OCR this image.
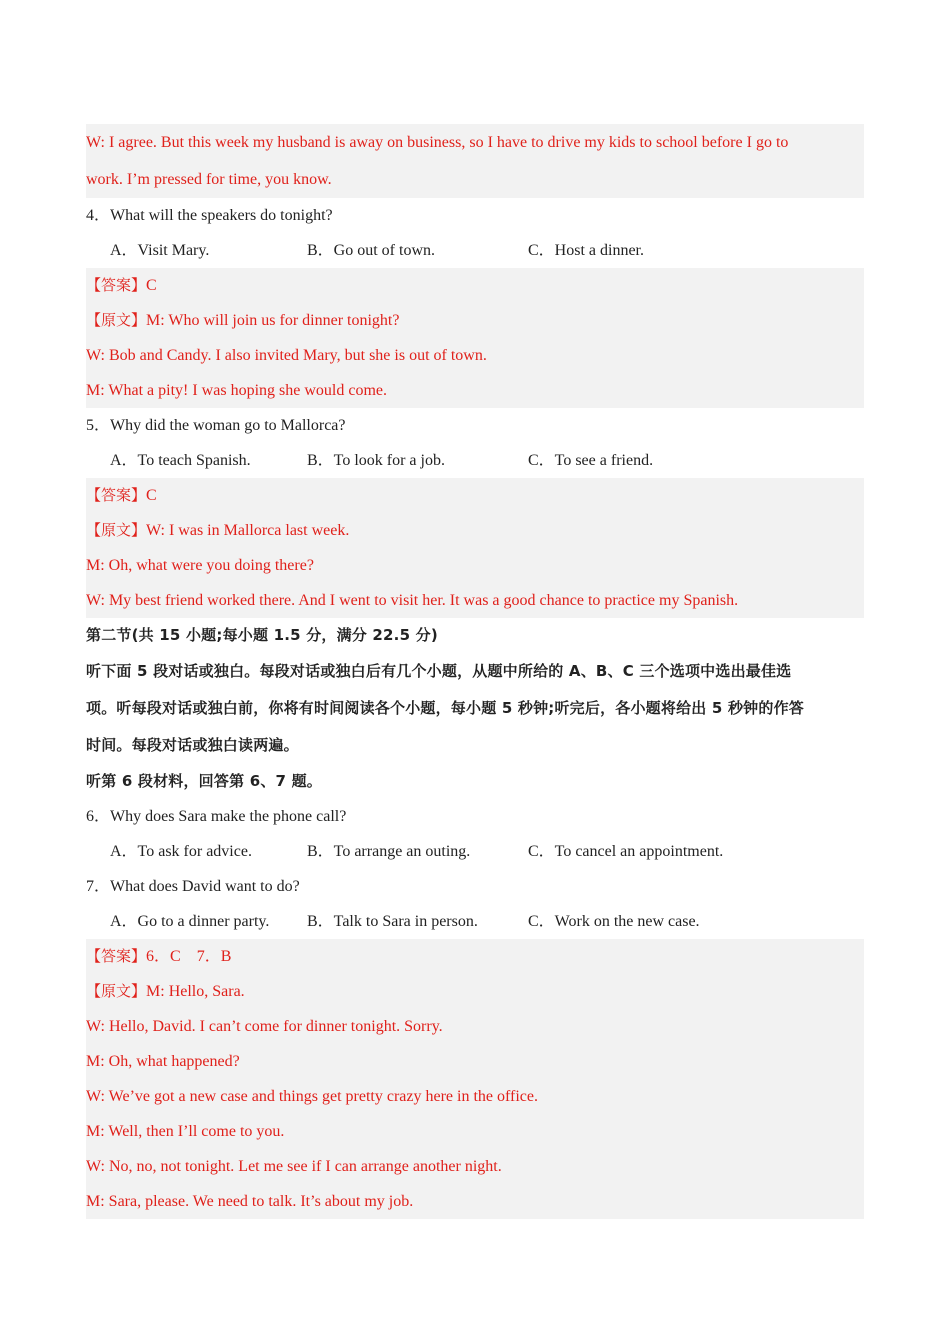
W: I agree. But this week my husband is away on business, so I have to drive my kids to school before I go to
work. I’m pressed for time, you know.
4．What will the speakers do tonight?
A．Visit Mary.	B．Go out of town.	C．Host a dinner.
【答案】C
【原文】M: Who will join us for dinner tonight?
W: Bob and Candy. I also invited Mary, but she is out of town.
M: What a pity! I was hoping she would come.
5．Why did the woman go to Mallorca?
A．To teach Spanish.	B．To look for a job.	C．To see a friend.
【答案】C
【原文】W: I was in Mallorca last week.
M: Oh, what were you doing there?
W: My best friend worked there. And I went to visit her. It was a good chance to practice my Spanish.
第二节(共 15 小题;每小题 1.5 分，满分 22.5 分)
听下面 5 段对话或独白。每段对话或独白后有几个小题，从题中所给的 A、B、C 三个选项中选出最佳选
项。听每段对话或独白前，你将有时间阅读各个小题，每小题 5 秒钟;听完后，各小题将给出 5 秒钟的作答
时间。每段对话或独白读两遍。
听第 6 段材料，回答第 6、7 题。
6．Why does Sara make the phone call?
A．To ask for advice.	B．To arrange an outing.	C．To cancel an appointment.
7．What does David want to do?
A．Go to a dinner party. B．Talk to Sara in person.	C．Work on the new case.
【答案】6．C　7．B
【原文】M: Hello, Sara.
W: Hello, David. I can’t come for dinner tonight. Sorry.
M: Oh, what happened?
W: We’ve got a new case and things get pretty crazy here in the office.
M: Well, then I’ll come to you.
W: No, no, not tonight. Let me see if I can arrange another night.
M: Sara, please. We need to talk. It’s about my job.
